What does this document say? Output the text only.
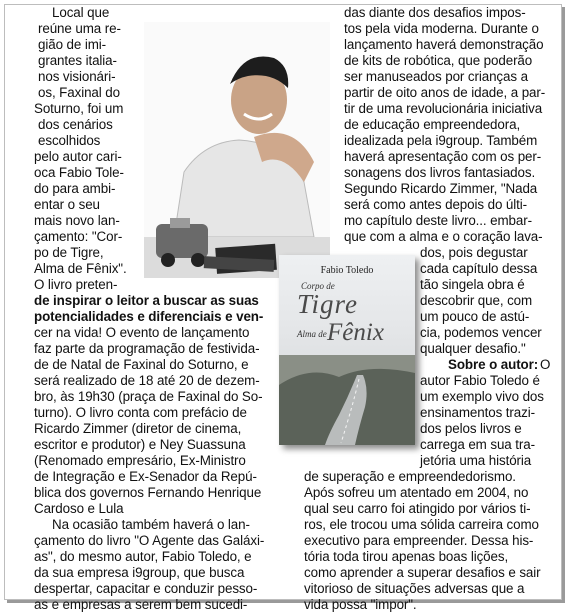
Fabio Toledo
Corpo de
Tigre
Alma de Fênix
Local que
reúne uma re-
gião de imi-
grantes italia-
nos visionári-
os, Faxinal do
Soturno, foi um
dos cenários
escolhidos
pelo autor cari-
oca Fabio Tole-
do para ambi-
entar o seu
mais novo lan-
çamento: "Cor-
po de Tigre,
Alma de Fênix".
O livro preten-
de inspirar o leitor a buscar as suas
potencialidades e diferenciais e ven-
cer na vida! O evento de lançamento
faz parte da programação de festivida-
de de Natal de Faxinal do Soturno, e
será realizado de 18 até 20 de dezem-
bro, às 19h30 (praça de Faxinal do So-
turno). O livro conta com prefácio de
Ricardo Zimmer (diretor de cinema,
escritor e produtor) e Ney Suassuna
(Renomado empresário, Ex-Ministro
de Integração e Ex-Senador da Repú-
blica dos governos Fernando Henrique
Cardoso e Lula
Na ocasião também haverá o lan-
çamento do livro "O Agente das Galáxi-
as", do mesmo autor, Fabio Toledo, e
da sua empresa i9group, que busca
despertar, capacitar e conduzir pesso-
as e empresas a serem bem sucedi-
das diante dos desafios impos-
tos pela vida moderna. Durante o
lançamento haverá demonstração
de kits de robótica, que poderão
ser manuseados por crianças a
partir de oito anos de idade, a par-
tir de uma revolucionária iniciativa
de educação empreendedora,
idealizada pela i9group. Também
haverá apresentação com os per-
sonagens dos livros fantasiados.
Segundo Ricardo Zimmer, "Nada
será como antes depois do últi-
mo capítulo deste livro... embar-
que com a alma e o coração lava-
dos, pois degustar
cada capítulo dessa
tão singela obra é
descobrir que, com
um pouco de astú-
cia, podemos vencer
qualquer desafio."
Sobre o autor: O
autor Fabio Toledo é
um exemplo vivo dos
ensinamentos trazi-
dos pelos livros e
carrega em sua tra-
jetória uma história
de superação e empreendedorismo.
Após sofreu um atentado em 2004, no
qual seu carro foi atingido por vários ti-
ros, ele trocou uma sólida carreira como
executivo para empreender. Dessa his-
tória toda tirou apenas boas lições,
como aprender a superar desafios e sair
vitorioso de situações adversas que a
vida possa "impor".
